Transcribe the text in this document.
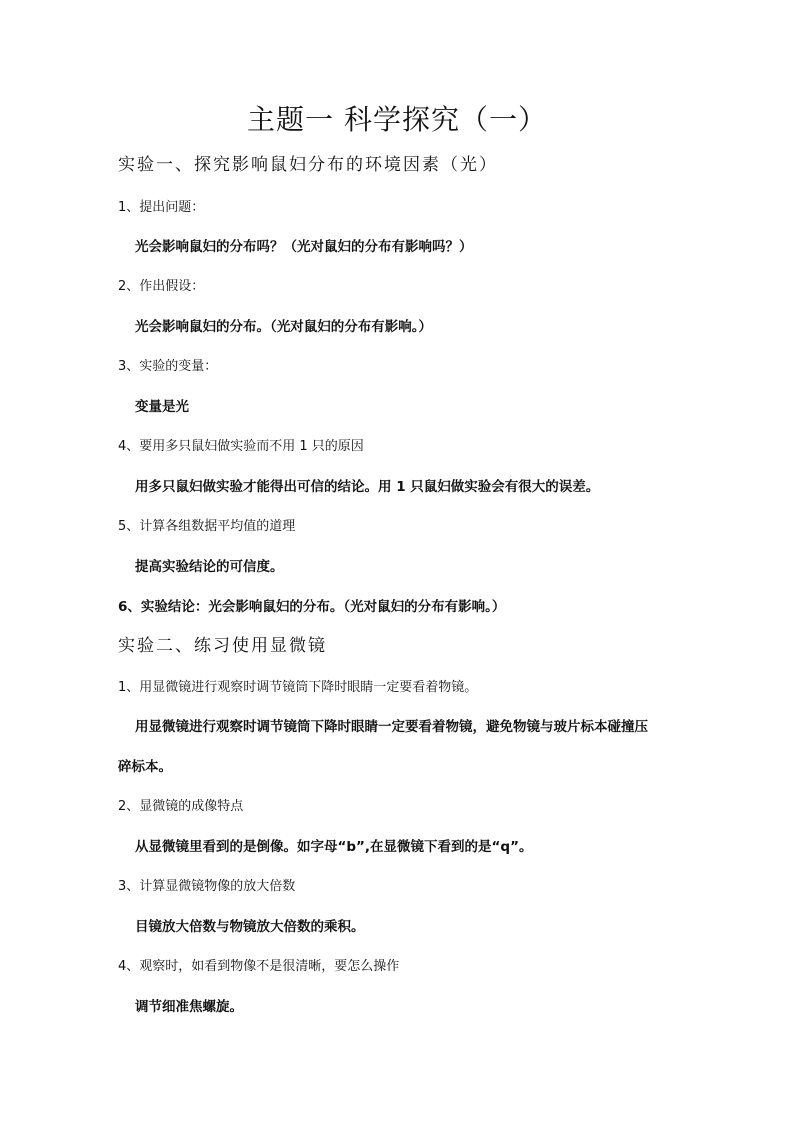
主题一 科学探究（一）
实验一、探究影响鼠妇分布的环境因素（光）
1、提出问题：
光会影响鼠妇的分布吗？（光对鼠妇的分布有影响吗？）
2、作出假设：
光会影响鼠妇的分布。（光对鼠妇的分布有影响。）
3、实验的变量：
变量是光
4、要用多只鼠妇做实验而不用 1 只的原因
用多只鼠妇做实验才能得出可信的结论。用 1 只鼠妇做实验会有很大的误差。
5、计算各组数据平均值的道理
提高实验结论的可信度。
6、实验结论：光会影响鼠妇的分布。（光对鼠妇的分布有影响。）
实验二、练习使用显微镜
1、用显微镜进行观察时调节镜筒下降时眼睛一定要看着物镜。
用显微镜进行观察时调节镜筒下降时眼睛一定要看着物镜，避免物镜与玻片标本碰撞压
碎标本。
2、显微镜的成像特点
从显微镜里看到的是倒像。如字母“b”,在显微镜下看到的是“q”。
3、计算显微镜物像的放大倍数
目镜放大倍数与物镜放大倍数的乘积。
4、观察时，如看到物像不是很清晰，要怎么操作
调节细准焦螺旋。
